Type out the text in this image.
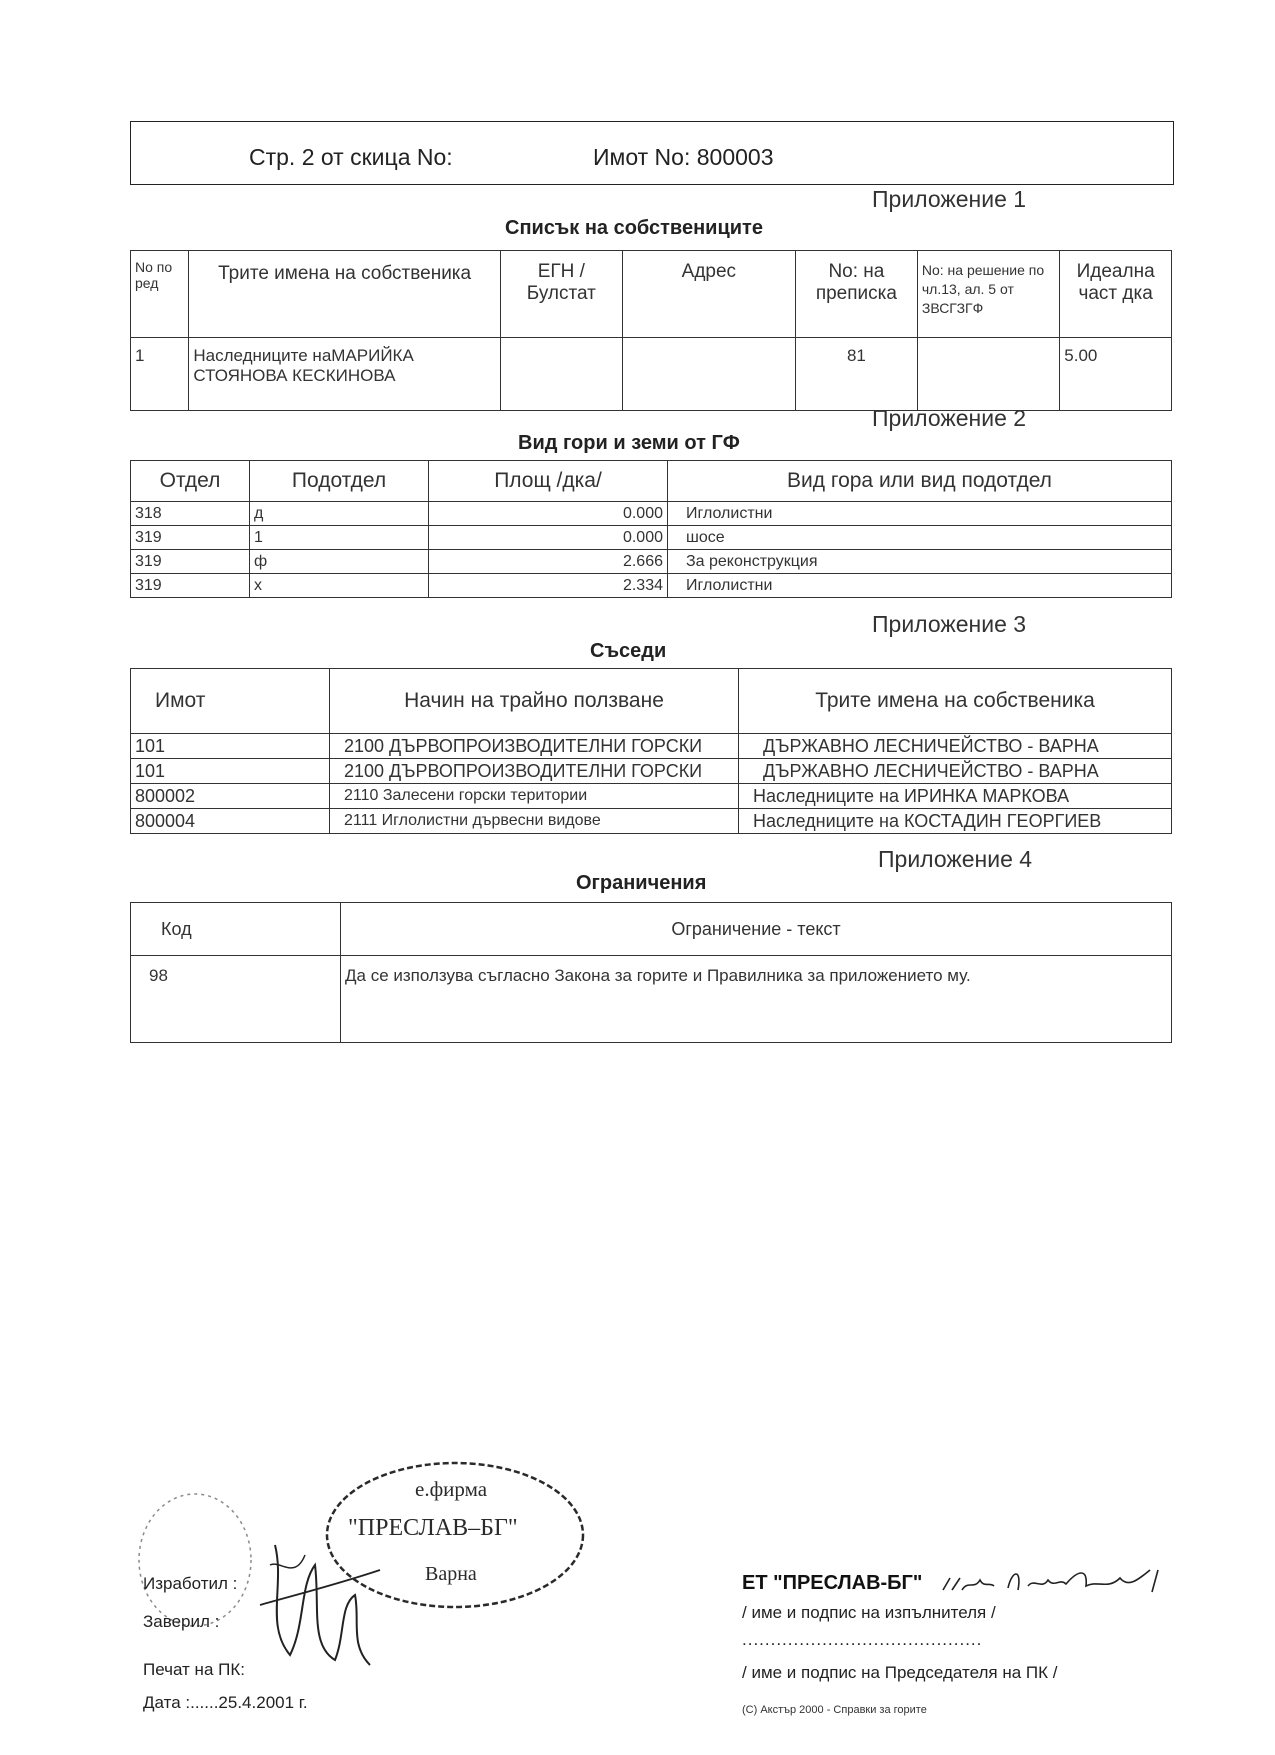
Стр. 2 от скица No:	Имот No: 800003
Приложение 1
Списък на собствениците
No по ред	Трите имена на собственика	ЕГН / Булстат	Адрес	No: на преписка	No: на решение по чл.13, ал. 5 от ЗВСГЗГФ	Идеална част дка
1	Наследниците наМАРИЙКА СТОЯНОВА КЕСКИНОВА			81		5.00
Приложение 2
Вид гори и земи от ГФ
Отдел	Подотдел	Площ /дка/	Вид гора или вид подотдел
318	д	0.000	Иглолистни
319	1	0.000	шосе
319	ф	2.666	За реконструкция
319	х	2.334	Иглолистни
Приложение 3
Съседи
Имот	Начин на трайно ползване	Трите имена на собственика
101	2100 ДЪРВОПРОИЗВОДИТЕЛНИ ГОРСКИ	ДЪРЖАВНО ЛЕСНИЧЕЙСТВО - ВАРНА
101	2100 ДЪРВОПРОИЗВОДИТЕЛНИ ГОРСКИ	ДЪРЖАВНО ЛЕСНИЧЕЙСТВО - ВАРНА
800002	2110 Залесени горски територии	Наследниците на ИРИНКА МАРКОВА
800004	2111 Иглолистни дървесни видове	Наследниците на КОСТАДИН ГЕОРГИЕВ
Приложение 4
Ограничения
Код	Ограничение - текст
98	Да се използува съгласно Закона за горите и Правилника за приложението му.
е.фирма
"ПРЕСЛАВ–БГ"
Варна
Изработил :
Заверил :
Печат на ПК:
Дата :......25.4.2001 г.
ЕТ "ПРЕСЛАВ-БГ"
/ име и подпис на изпълнителя /
..........................................
/ име и подпис на Председателя на ПК /
(С) Акстър 2000 - Справки за горите
